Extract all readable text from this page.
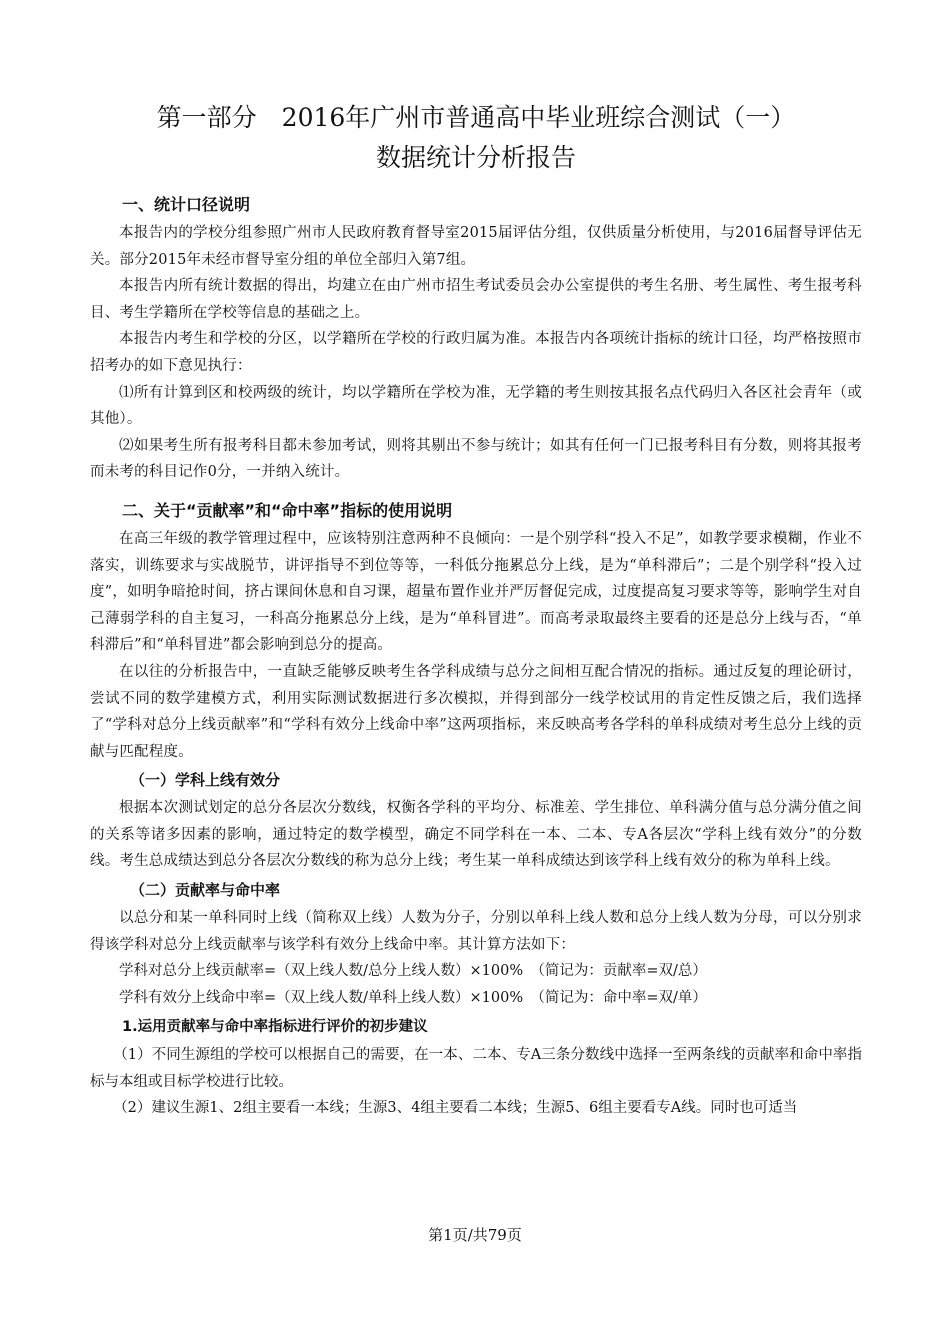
第一部分　2016年广州市普通高中毕业班综合测试（一）
数据统计分析报告
一、统计口径说明

本报告内的学校分组参照广州市人民政府教育督导室2015届评估分组，仅供质量分析使用，与2016届督导评估无关。部分2015年未经市督导室分组的单位全部归入第7组。

本报告内所有统计数据的得出，均建立在由广州市招生考试委员会办公室提供的考生名册、考生属性、考生报考科目、考生学籍所在学校等信息的基础之上。

本报告内考生和学校的分区，以学籍所在学校的行政归属为准。本报告内各项统计指标的统计口径，均严格按照市招考办的如下意见执行：

⑴所有计算到区和校两级的统计，均以学籍所在学校为准，无学籍的考生则按其报名点代码归入各区社会青年（或其他）。

⑵如果考生所有报考科目都未参加考试，则将其剔出不参与统计；如其有任何一门已报考科目有分数，则将其报考而未考的科目记作0分，一并纳入统计。

二、关于“贡献率”和“命中率”指标的使用说明

在高三年级的教学管理过程中，应该特别注意两种不良倾向：一是个别学科“投入不足”，如教学要求模糊，作业不落实，训练要求与实战脱节，讲评指导不到位等等，一科低分拖累总分上线，是为“单科滞后”；二是个别学科“投入过度”，如明争暗抢时间，挤占课间休息和自习课，超量布置作业并严厉督促完成，过度提高复习要求等等，影响学生对自己薄弱学科的自主复习，一科高分拖累总分上线，是为“单科冒进”。而高考录取最终主要看的还是总分上线与否，“单科滞后”和“单科冒进”都会影响到总分的提高。

在以往的分析报告中，一直缺乏能够反映考生各学科成绩与总分之间相互配合情况的指标。通过反复的理论研讨，尝试不同的数学建模方式，利用实际测试数据进行多次模拟，并得到部分一线学校试用的肯定性反馈之后，我们选择了“学科对总分上线贡献率”和“学科有效分上线命中率”这两项指标，来反映高考各学科的单科成绩对考生总分上线的贡献与匹配程度。

（一）学科上线有效分

根据本次测试划定的总分各层次分数线，权衡各学科的平均分、标准差、学生排位、单科满分值与总分满分值之间的关系等诸多因素的影响，通过特定的数学模型，确定不同学科在一本、二本、专A各层次“学科上线有效分”的分数线。考生总成绩达到总分各层次分数线的称为总分上线；考生某一单科成绩达到该学科上线有效分的称为单科上线。

（二）贡献率与命中率

以总分和某一单科同时上线（简称双上线）人数为分子，分别以单科上线人数和总分上线人数为分母，可以分别求得该学科对总分上线贡献率与该学科有效分上线命中率。其计算方法如下：

学科对总分上线贡献率=（双上线人数/总分上线人数）×100%　（简记为：贡献率=双/总）

学科有效分上线命中率=（双上线人数/单科上线人数）×100%　（简记为：命中率=双/单）

1.运用贡献率与命中率指标进行评价的初步建议

（1）不同生源组的学校可以根据自己的需要，在一本、二本、专A三条分数线中选择一至两条线的贡献率和命中率指标与本组或目标学校进行比较。

（2）建议生源1、2组主要看一本线；生源3、4组主要看二本线；生源5、6组主要看专A线。同时也可适当

第1页/共79页
